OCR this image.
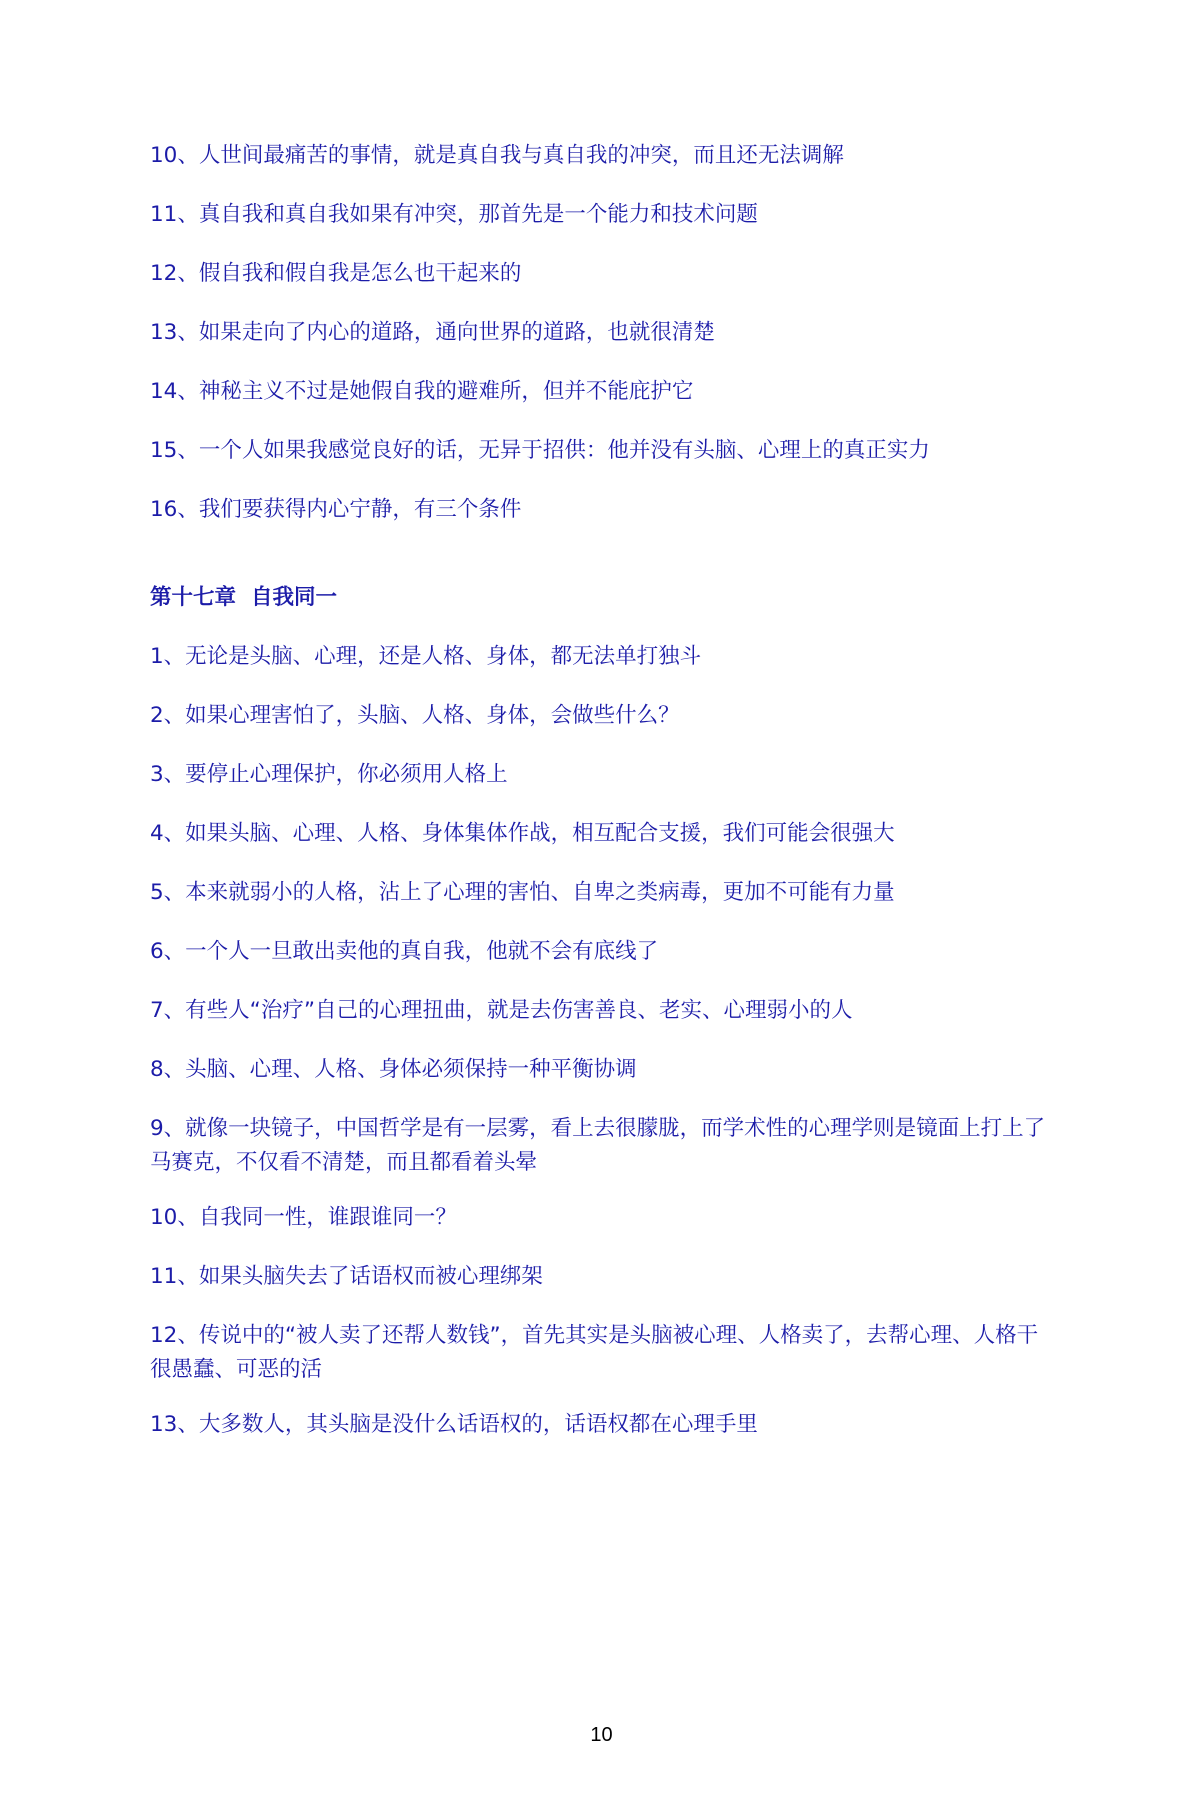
10、人世间最痛苦的事情，就是真自我与真自我的冲突，而且还无法调解

11、真自我和真自我如果有冲突，那首先是一个能力和技术问题

12、假自我和假自我是怎么也干起来的

13、如果走向了内心的道路，通向世界的道路，也就很清楚

14、神秘主义不过是她假自我的避难所，但并不能庇护它

15、一个人如果我感觉良好的话，无异于招供：他并没有头脑、心理上的真正实力

16、我们要获得内心宁静，有三个条件

第十七章  自我同一

1、无论是头脑、心理，还是人格、身体，都无法单打独斗

2、如果心理害怕了，头脑、人格、身体，会做些什么？

3、要停止心理保护，你必须用人格上

4、如果头脑、心理、人格、身体集体作战，相互配合支援，我们可能会很强大

5、本来就弱小的人格，沾上了心理的害怕、自卑之类病毒，更加不可能有力量

6、一个人一旦敢出卖他的真自我，他就不会有底线了

7、有些人“治疗”自己的心理扭曲，就是去伤害善良、老实、心理弱小的人

8、头脑、心理、人格、身体必须保持一种平衡协调

9、就像一块镜子，中国哲学是有一层雾，看上去很朦胧，而学术性的心理学则是镜面上打上了马赛克，不仅看不清楚，而且都看着头晕

10、自我同一性，谁跟谁同一？

11、如果头脑失去了话语权而被心理绑架

12、传说中的“被人卖了还帮人数钱”，首先其实是头脑被心理、人格卖了，去帮心理、人格干很愚蠢、可恶的活

13、大多数人，其头脑是没什么话语权的，话语权都在心理手里

10
